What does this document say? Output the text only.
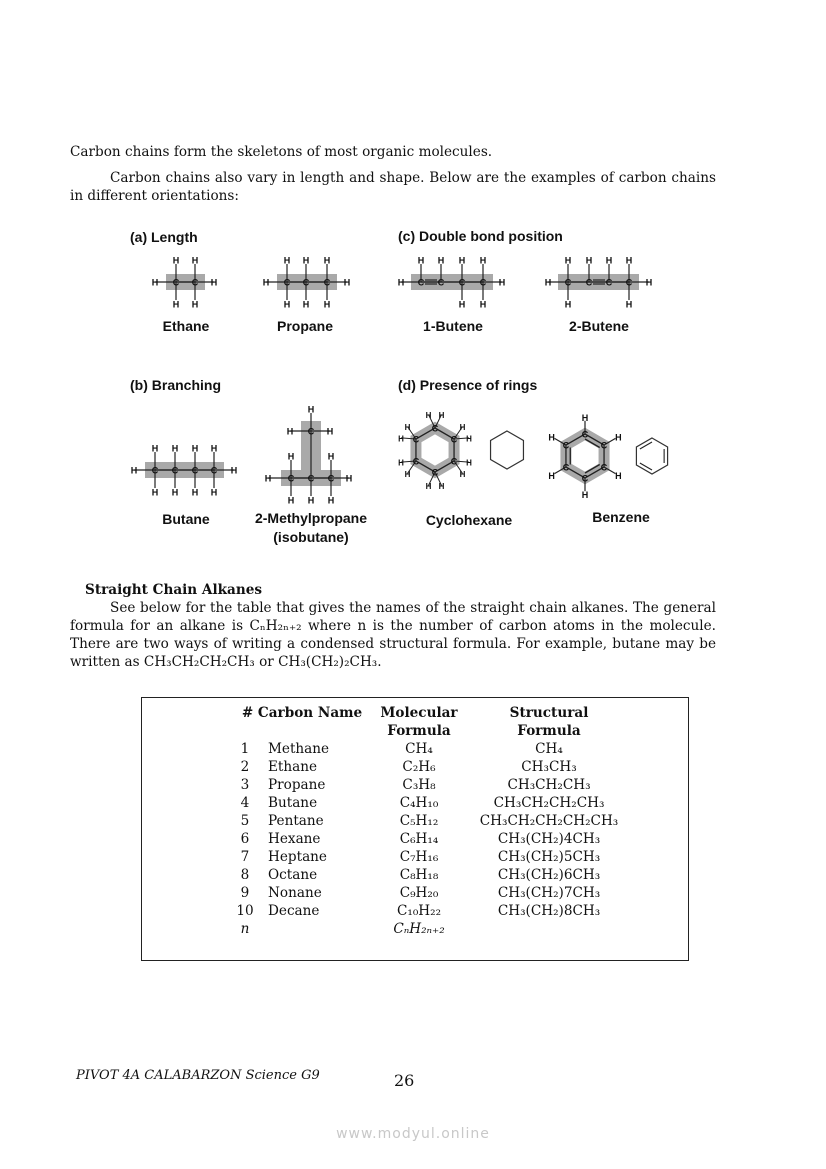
Carbon chains form the skeletons of most organic molecules.
Carbon chains also vary in length and shape. Below are the examples of carbon chains in different orientations:
H
H
C
H
H
C
H	H
H
H
C
H
H
C
H
H
C
H	H
H
C
H
C
H
H
C
H
H
C
H	H
H
H
C
H
C
H
C
H
H
C
H	H
H
H
C
H
H
C
H
H
C
H
H
C
H	H
H
H
C
H
C
H
H
C
H	H
C
H	H
H
H H
C	H
H
C
H
H
C
H
H
C
H
H C
H
H
C
H
C	H
C
H
C
H
C
H
C
H
C
(a) Length
(b) Branching
(c) Double bond position
(d) Presence of rings
Ethane	Propane	1-Butene	2-Butene
Butane	2-Methylpropane
(isobutane)
Cyclohexane	Benzene
Straight Chain Alkanes
See below for the table that gives the names of the straight chain alkanes. The general formula for an alkane is CₙH₂ₙ₊₂ where n is the number of carbon atoms in the molecule. There are two ways of writing a condensed structural formula. For example, butane may be written as CH₃CH₂CH₂CH₃ or CH₃(CH₂)₂CH₃.
# Carbon Name		Molecular	Structural
		Formula	Formula
1	Methane	CH₄	CH₄
2	Ethane	C₂H₆	CH₃CH₃
3	Propane	C₃H₈	CH₃CH₂CH₃
4	Butane	C₄H₁₀	CH₃CH₂CH₂CH₃
5	Pentane	C₅H₁₂	CH₃CH₂CH₂CH₂CH₃
6	Hexane	C₆H₁₄	CH₃(CH₂)4CH₃
7	Heptane	C₇H₁₆	CH₃(CH₂)5CH₃
8	Octane	C₈H₁₈	CH₃(CH₂)6CH₃
9	Nonane	C₉H₂₀	CH₃(CH₂)7CH₃
10	Decane	C₁₀H₂₂	CH₃(CH₂)8CH₃
n		CₙH₂ₙ₊₂	
PIVOT 4A CALABARZON Science G9	26
www.modyul.online
